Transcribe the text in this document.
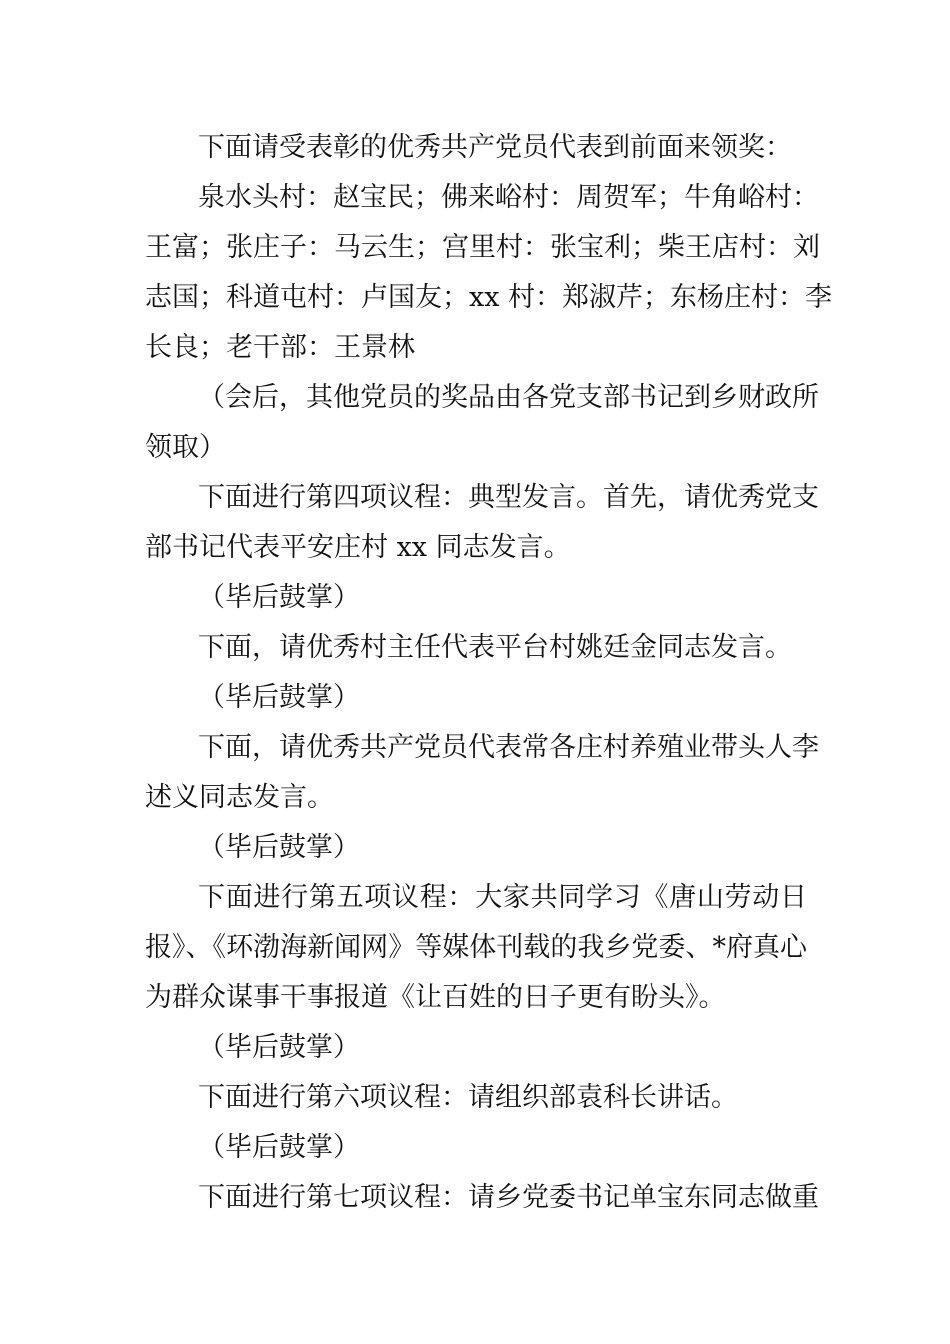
下面请受表彰的优秀共产党员代表到前面来领奖：

泉水头村：赵宝民；佛来峪村：周贺军；牛角峪村：

王富；张庄子：马云生；宫里村：张宝利；柴王店村：刘

志国；科道屯村：卢国友；xx 村：郑淑芹；东杨庄村：李

长良；老干部：王景林

（会后，其他党员的奖品由各党支部书记到乡财政所

领取）

下面进行第四项议程：典型发言。首先，请优秀党支

部书记代表平安庄村 xx 同志发言。

（毕后鼓掌）

下面，请优秀村主任代表平台村姚廷金同志发言。

（毕后鼓掌）

下面，请优秀共产党员代表常各庄村养殖业带头人李

述义同志发言。

（毕后鼓掌）

下面进行第五项议程：大家共同学习《唐山劳动日

报》、《环渤海新闻网》等媒体刊载的我乡党委、*府真心

为群众谋事干事报道《让百姓的日子更有盼头》。

（毕后鼓掌）

下面进行第六项议程：请组织部袁科长讲话。

（毕后鼓掌）

下面进行第七项议程：请乡党委书记单宝东同志做重
